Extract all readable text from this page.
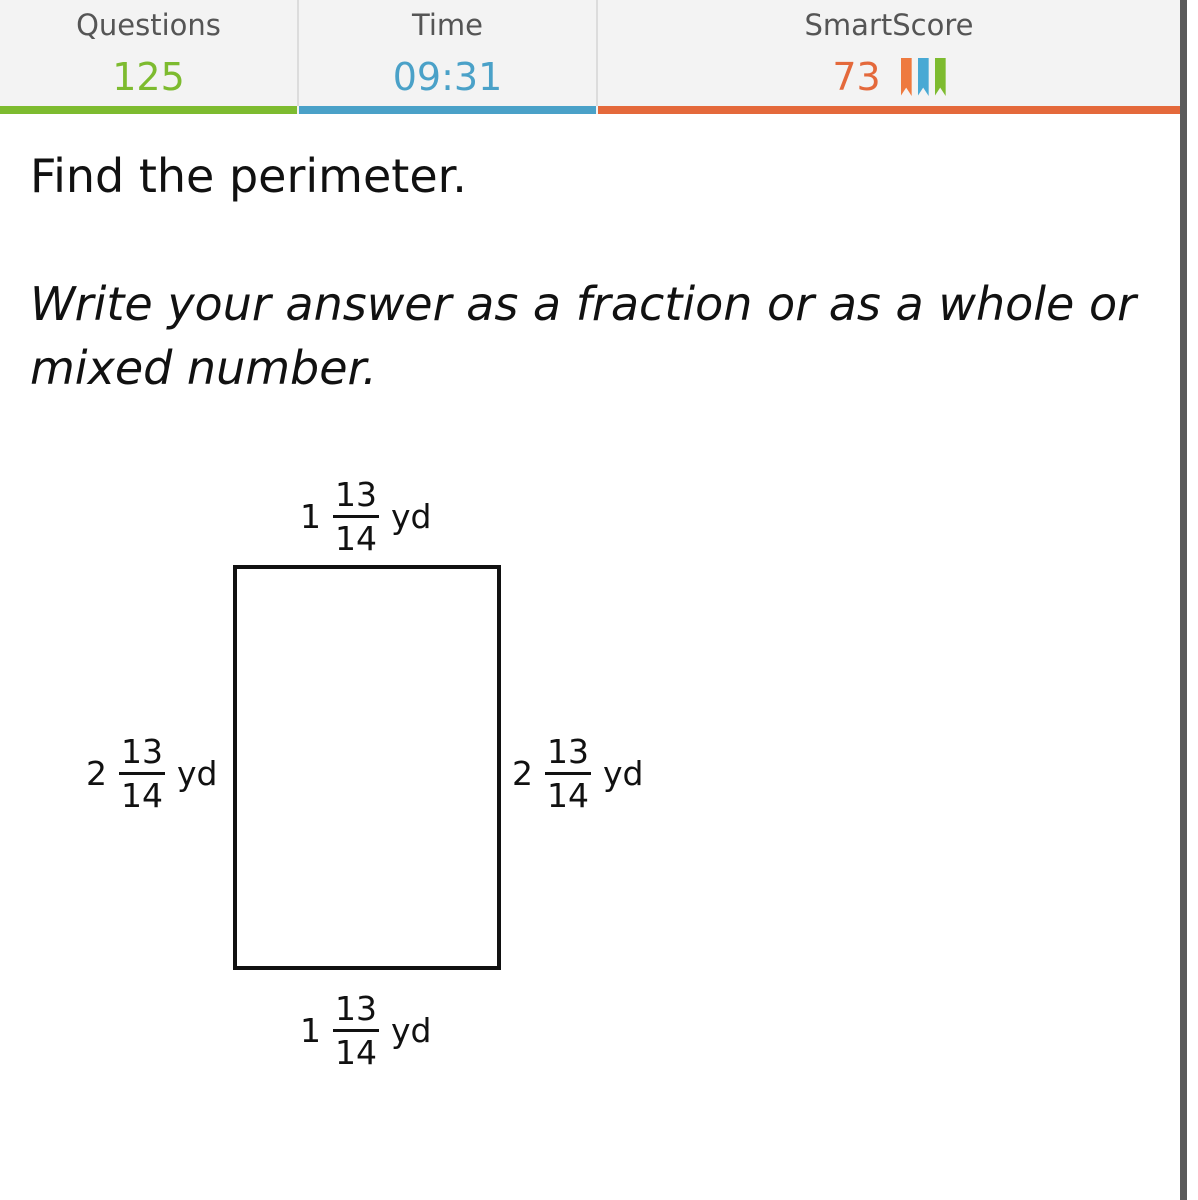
Questions
125
Time
09:31
SmartScore
73
Find the perimeter.
Write your answer as a fraction or as a whole or mixed number.
$1 \frac{13}{14}$ yd
$2 \frac{13}{14}$ yd	$2 \frac{13}{14}$ yd
$1 \frac{13}{14}$ yd
